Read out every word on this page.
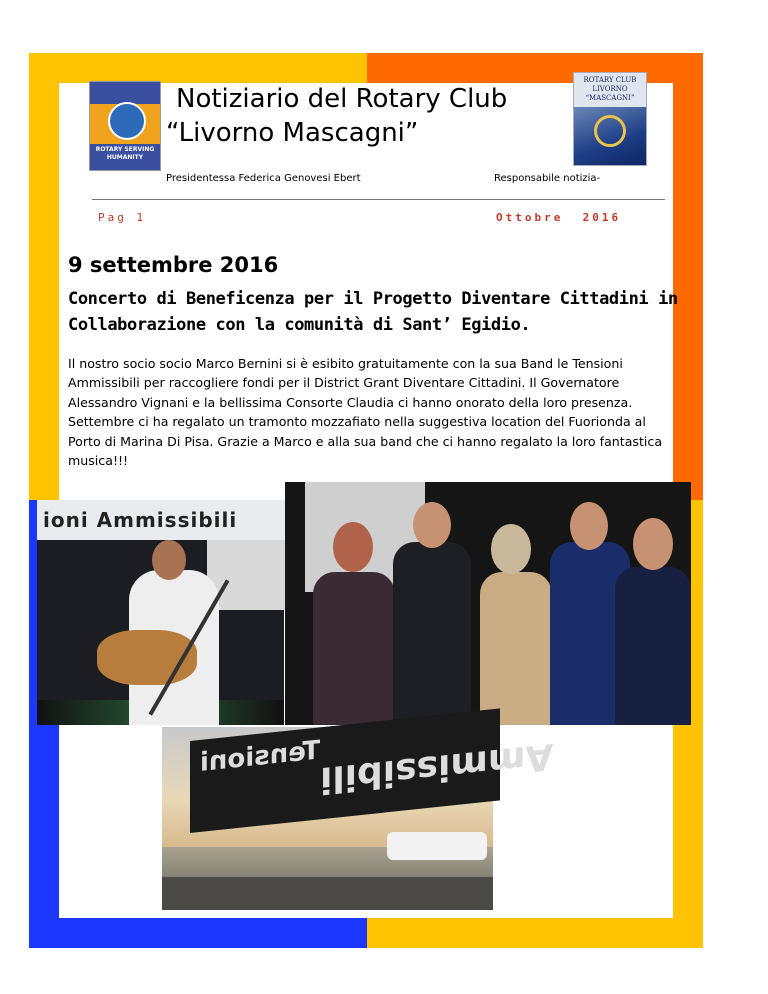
ROTARY SERVING HUMANITY
ROTARY CLUB LIVORNO “MASCAGNI”
Notiziario del Rotary Club
“Livorno Mascagni”
Presidentessa Federica Genovesi Ebert	Responsabile notizia-
Pag 1	Ottobre  2016
9 settembre 2016
Concerto di Beneficenza per il Progetto Diventare Cittadini in Collaborazione con la comunità di Sant’ Egidio.
Il nostro socio socio Marco Bernini si è esibito gratuitamente con la sua Band le Tensioni Ammissibili per raccogliere fondi per il District Grant Diventare Cittadini. Il Governatore Alessandro Vignani e la bellissima Consorte Claudia ci hanno onorato della loro presenza. Settembre ci ha regalato un tramonto mozzafiato nella suggestiva location del Fuorionda al Porto di Marina Di Pisa. Grazie a Marco e alla sua band che ci hanno regalato la loro fantastica musica!!!
ioni Ammissibili
Tensioni Ammissibili
